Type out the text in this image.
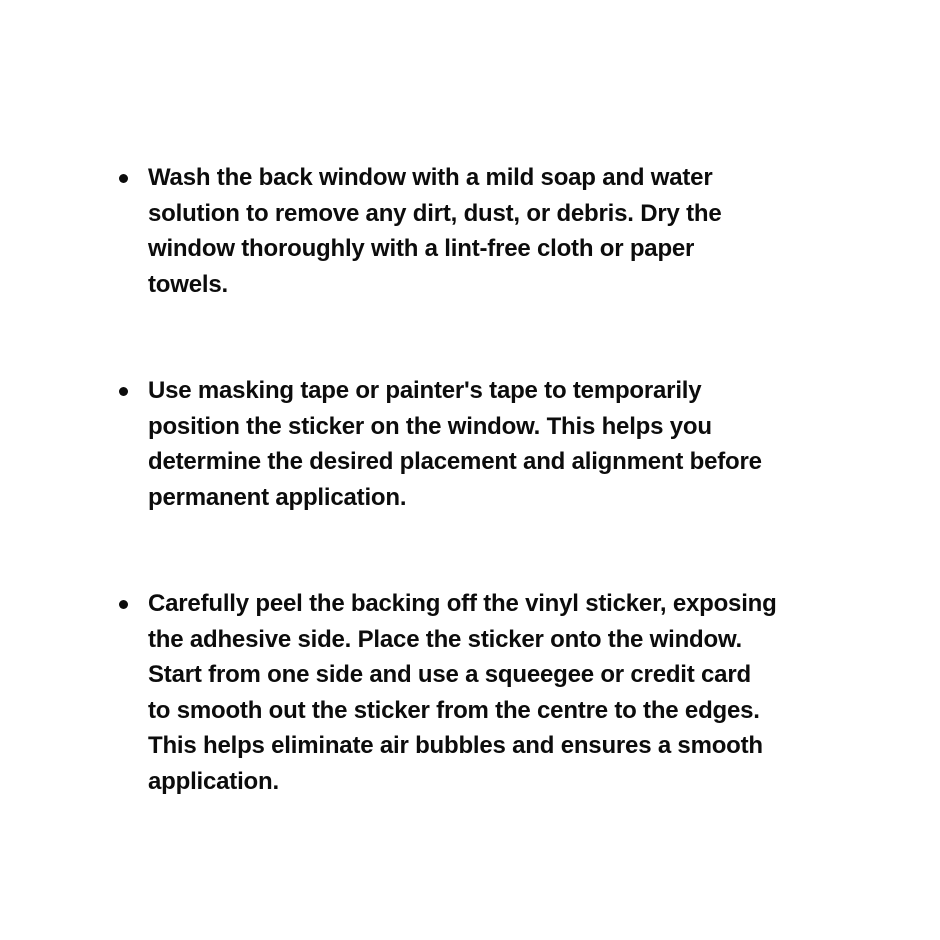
Wash the back window with a mild soap and water
solution to remove any dirt, dust, or debris. Dry the
window thoroughly with a lint-free cloth or paper
towels.
Use masking tape or painter's tape to temporarily
position the sticker on the window. This helps you
determine the desired placement and alignment before
permanent application.
Carefully peel the backing off the vinyl sticker, exposing
the adhesive side. Place the sticker onto the window.
Start from one side and use a squeegee or credit card
to smooth out the sticker from the centre to the edges.
This helps eliminate air bubbles and ensures a smooth
application.
